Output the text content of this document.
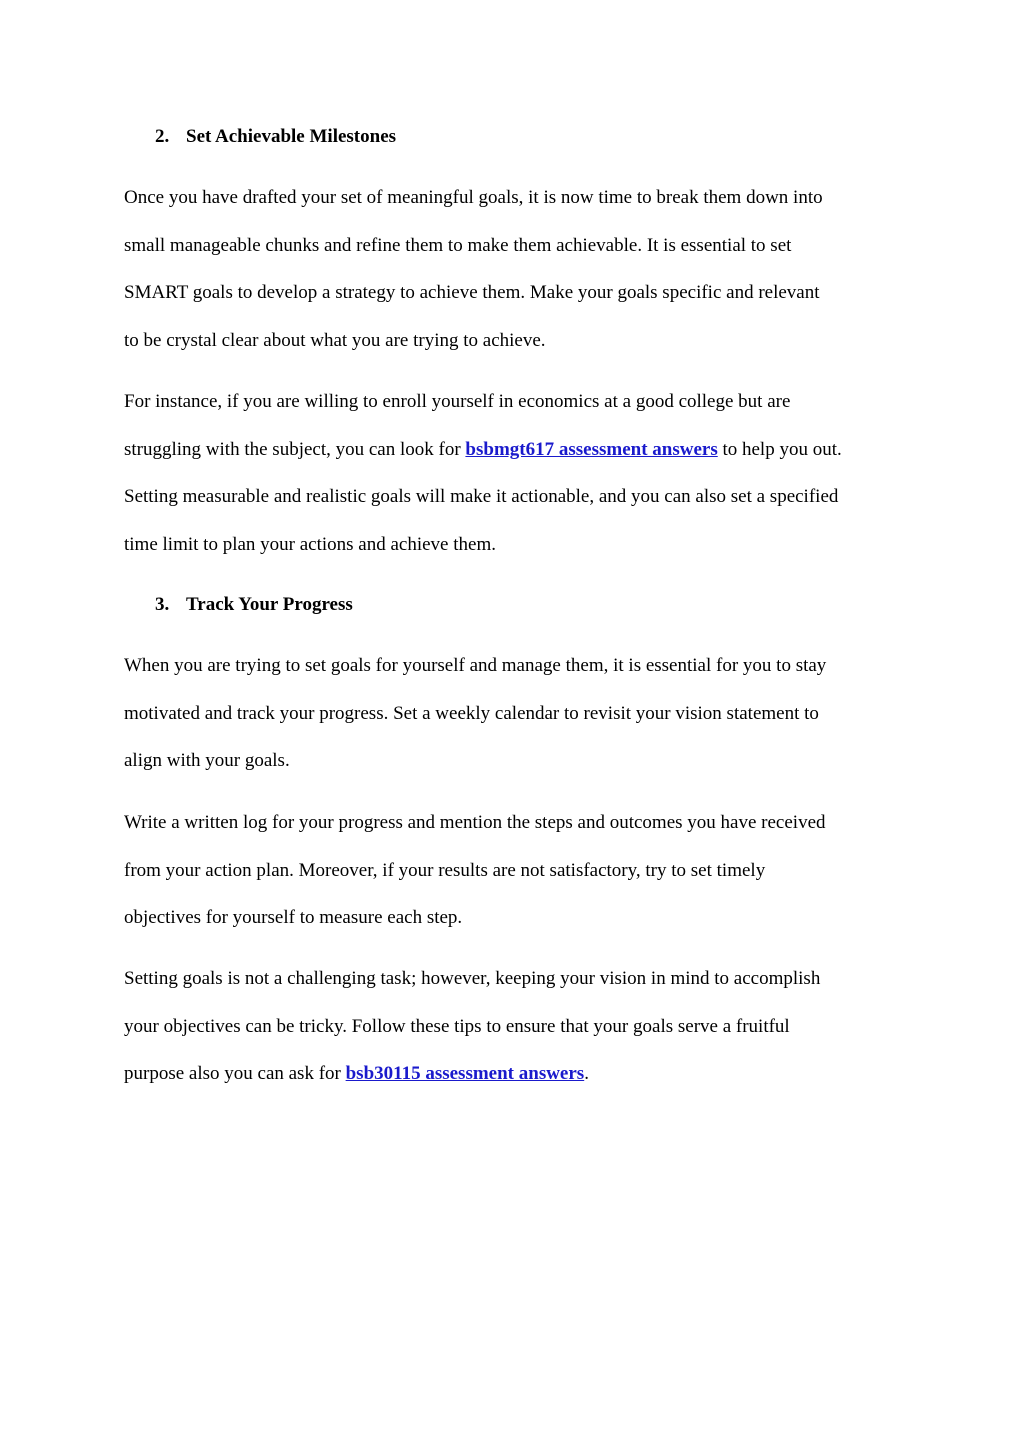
2. Set Achievable Milestones
Once you have drafted your set of meaningful goals, it is now time to break them down into
small manageable chunks and refine them to make them achievable. It is essential to set
SMART goals to develop a strategy to achieve them. Make your goals specific and relevant
to be crystal clear about what you are trying to achieve.
For instance, if you are willing to enroll yourself in economics at a good college but are
struggling with the subject, you can look for bsbmgt617 assessment answers to help you out.
Setting measurable and realistic goals will make it actionable, and you can also set a specified
time limit to plan your actions and achieve them.
3. Track Your Progress
When you are trying to set goals for yourself and manage them, it is essential for you to stay
motivated and track your progress. Set a weekly calendar to revisit your vision statement to
align with your goals.
Write a written log for your progress and mention the steps and outcomes you have received
from your action plan. Moreover, if your results are not satisfactory, try to set timely
objectives for yourself to measure each step.
Setting goals is not a challenging task; however, keeping your vision in mind to accomplish
your objectives can be tricky. Follow these tips to ensure that your goals serve a fruitful
purpose also you can ask for bsb30115 assessment answers.
